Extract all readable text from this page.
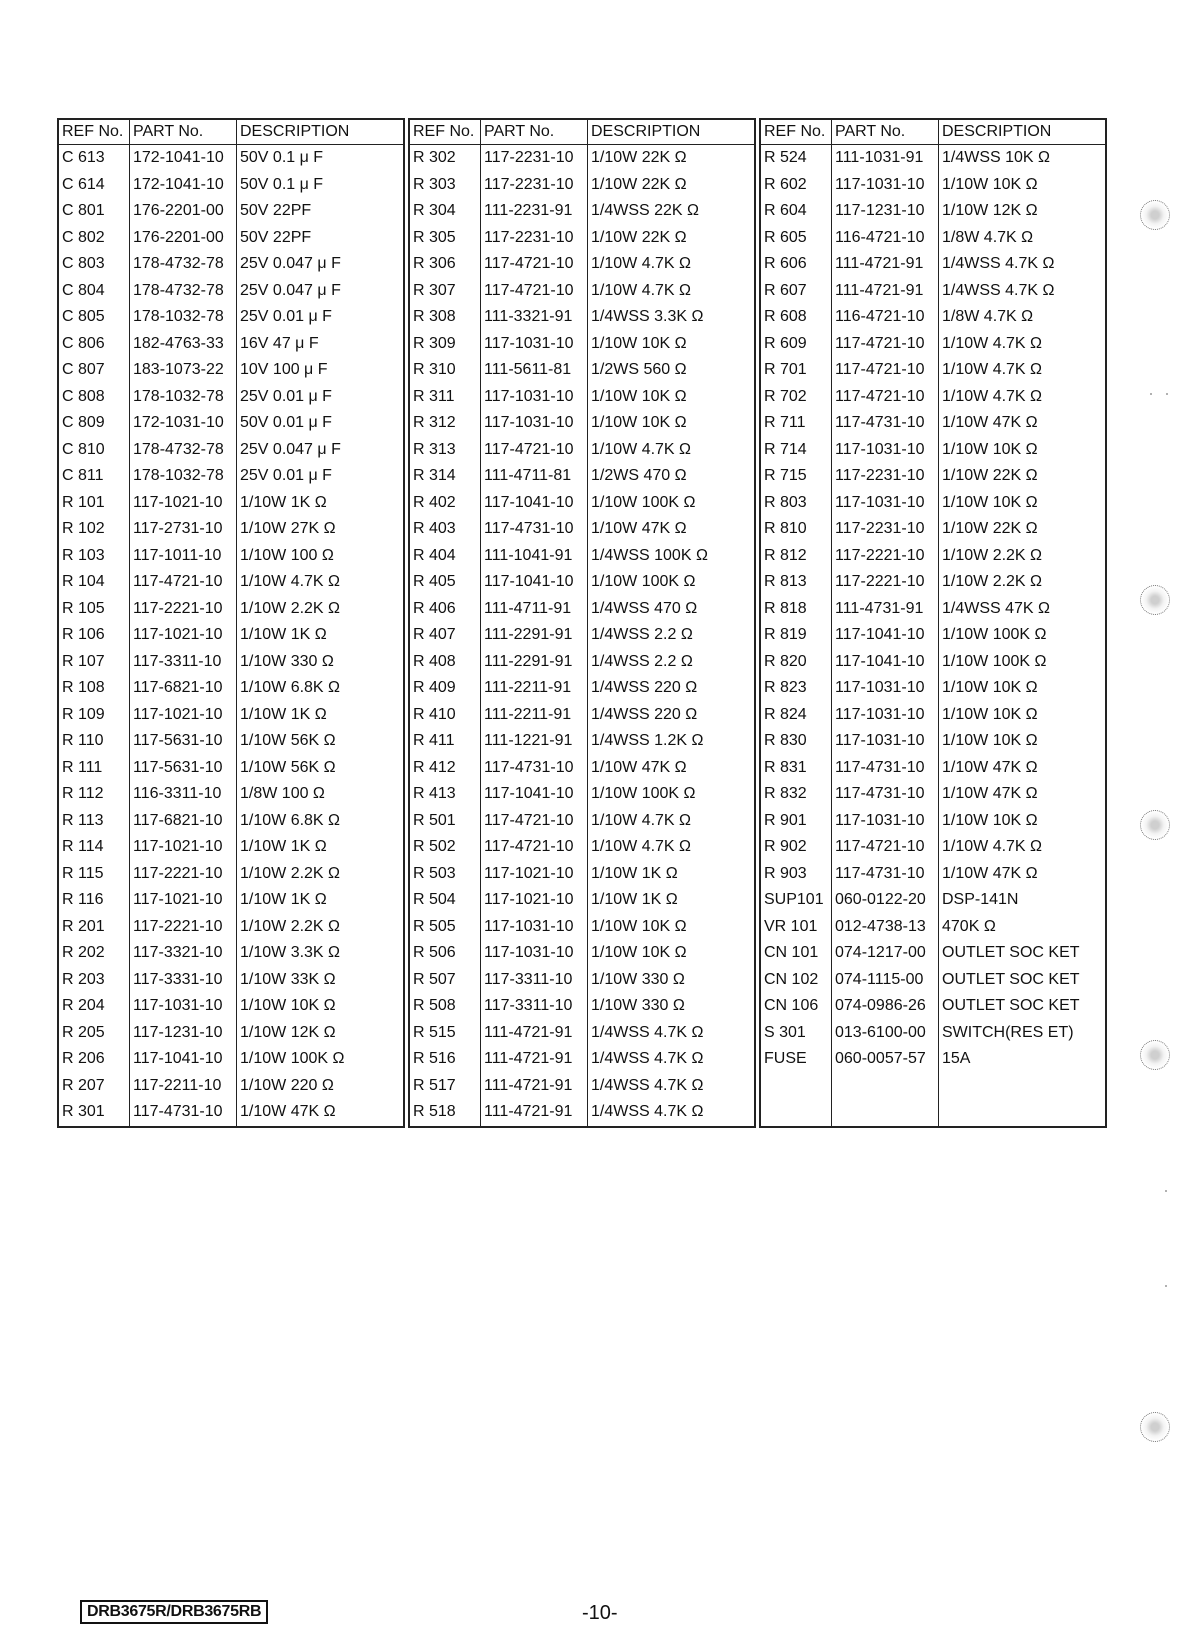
REF No.	PART No.	DESCRIPTION
C 613	172-1041-10	50V 0.1 μ F
C 614	172-1041-10	50V 0.1 μ F
C 801	176-2201-00	50V 22PF
C 802	176-2201-00	50V 22PF
C 803	178-4732-78	25V 0.047 μ F
C 804	178-4732-78	25V 0.047 μ F
C 805	178-1032-78	25V 0.01 μ F
C 806	182-4763-33	16V 47 μ F
C 807	183-1073-22	10V 100 μ F
C 808	178-1032-78	25V 0.01 μ F
C 809	172-1031-10	50V 0.01 μ F
C 810	178-4732-78	25V 0.047 μ F
C 811	178-1032-78	25V 0.01 μ F
R 101	117-1021-10	1/10W 1K Ω
R 102	117-2731-10	1/10W 27K Ω
R 103	117-1011-10	1/10W 100 Ω
R 104	117-4721-10	1/10W 4.7K Ω
R 105	117-2221-10	1/10W 2.2K Ω
R 106	117-1021-10	1/10W 1K Ω
R 107	117-3311-10	1/10W 330 Ω
R 108	117-6821-10	1/10W 6.8K Ω
R 109	117-1021-10	1/10W 1K Ω
R 110	117-5631-10	1/10W 56K Ω
R 111	117-5631-10	1/10W 56K Ω
R 112	116-3311-10	1/8W 100 Ω
R 113	117-6821-10	1/10W 6.8K Ω
R 114	117-1021-10	1/10W 1K Ω
R 115	117-2221-10	1/10W 2.2K Ω
R 116	117-1021-10	1/10W 1K Ω
R 201	117-2221-10	1/10W 2.2K Ω
R 202	117-3321-10	1/10W 3.3K Ω
R 203	117-3331-10	1/10W 33K Ω
R 204	117-1031-10	1/10W 10K Ω
R 205	117-1231-10	1/10W 12K Ω
R 206	117-1041-10	1/10W 100K Ω
R 207	117-2211-10	1/10W 220 Ω
R 301	117-4731-10	1/10W 47K Ω

REF No.	PART No.	DESCRIPTION
R 302	117-2231-10	1/10W 22K Ω
R 303	117-2231-10	1/10W 22K Ω
R 304	111-2231-91	1/4WSS 22K Ω
R 305	117-2231-10	1/10W 22K Ω
R 306	117-4721-10	1/10W 4.7K Ω
R 307	117-4721-10	1/10W 4.7K Ω
R 308	111-3321-91	1/4WSS 3.3K Ω
R 309	117-1031-10	1/10W 10K Ω
R 310	111-5611-81	1/2WS 560 Ω
R 311	117-1031-10	1/10W 10K Ω
R 312	117-1031-10	1/10W 10K Ω
R 313	117-4721-10	1/10W 4.7K Ω
R 314	111-4711-81	1/2WS 470 Ω
R 402	117-1041-10	1/10W 100K Ω
R 403	117-4731-10	1/10W 47K Ω
R 404	111-1041-91	1/4WSS 100K Ω
R 405	117-1041-10	1/10W 100K Ω
R 406	111-4711-91	1/4WSS 470 Ω
R 407	111-2291-91	1/4WSS 2.2 Ω
R 408	111-2291-91	1/4WSS 2.2 Ω
R 409	111-2211-91	1/4WSS 220 Ω
R 410	111-2211-91	1/4WSS 220 Ω
R 411	111-1221-91	1/4WSS 1.2K Ω
R 412	117-4731-10	1/10W 47K Ω
R 413	117-1041-10	1/10W 100K Ω
R 501	117-4721-10	1/10W 4.7K Ω
R 502	117-4721-10	1/10W 4.7K Ω
R 503	117-1021-10	1/10W 1K Ω
R 504	117-1021-10	1/10W 1K Ω
R 505	117-1031-10	1/10W 10K Ω
R 506	117-1031-10	1/10W 10K Ω
R 507	117-3311-10	1/10W 330 Ω
R 508	117-3311-10	1/10W 330 Ω
R 515	111-4721-91	1/4WSS 4.7K Ω
R 516	111-4721-91	1/4WSS 4.7K Ω
R 517	111-4721-91	1/4WSS 4.7K Ω
R 518	111-4721-91	1/4WSS 4.7K Ω

REF No.	PART No.	DESCRIPTION
R 524	111-1031-91	1/4WSS 10K Ω
R 602	117-1031-10	1/10W 10K Ω
R 604	117-1231-10	1/10W 12K Ω
R 605	116-4721-10	1/8W 4.7K Ω
R 606	111-4721-91	1/4WSS 4.7K Ω
R 607	111-4721-91	1/4WSS 4.7K Ω
R 608	116-4721-10	1/8W 4.7K Ω
R 609	117-4721-10	1/10W 4.7K Ω
R 701	117-4721-10	1/10W 4.7K Ω
R 702	117-4721-10	1/10W 4.7K Ω
R 711	117-4731-10	1/10W 47K Ω
R 714	117-1031-10	1/10W 10K Ω
R 715	117-2231-10	1/10W 22K Ω
R 803	117-1031-10	1/10W 10K Ω
R 810	117-2231-10	1/10W 22K Ω
R 812	117-2221-10	1/10W 2.2K Ω
R 813	117-2221-10	1/10W 2.2K Ω
R 818	111-4731-91	1/4WSS 47K Ω
R 819	117-1041-10	1/10W 100K Ω
R 820	117-1041-10	1/10W 100K Ω
R 823	117-1031-10	1/10W 10K Ω
R 824	117-1031-10	1/10W 10K Ω
R 830	117-1031-10	1/10W 10K Ω
R 831	117-4731-10	1/10W 47K Ω
R 832	117-4731-10	1/10W 47K Ω
R 901	117-1031-10	1/10W 10K Ω
R 902	117-4721-10	1/10W 4.7K Ω
R 903	117-4731-10	1/10W 47K Ω
SUP101	060-0122-20	DSP-141N
VR 101	012-4738-13	470K Ω
CN 101	074-1217-00	OUTLET SOC KET
CN 102	074-1115-00	OUTLET SOC KET
CN 106	074-0986-26	OUTLET SOC KET
S 301	013-6100-00	SWITCH(RES ET)
FUSE	060-0057-57	15A

DRB3675R/DRB3675RB	-10-
